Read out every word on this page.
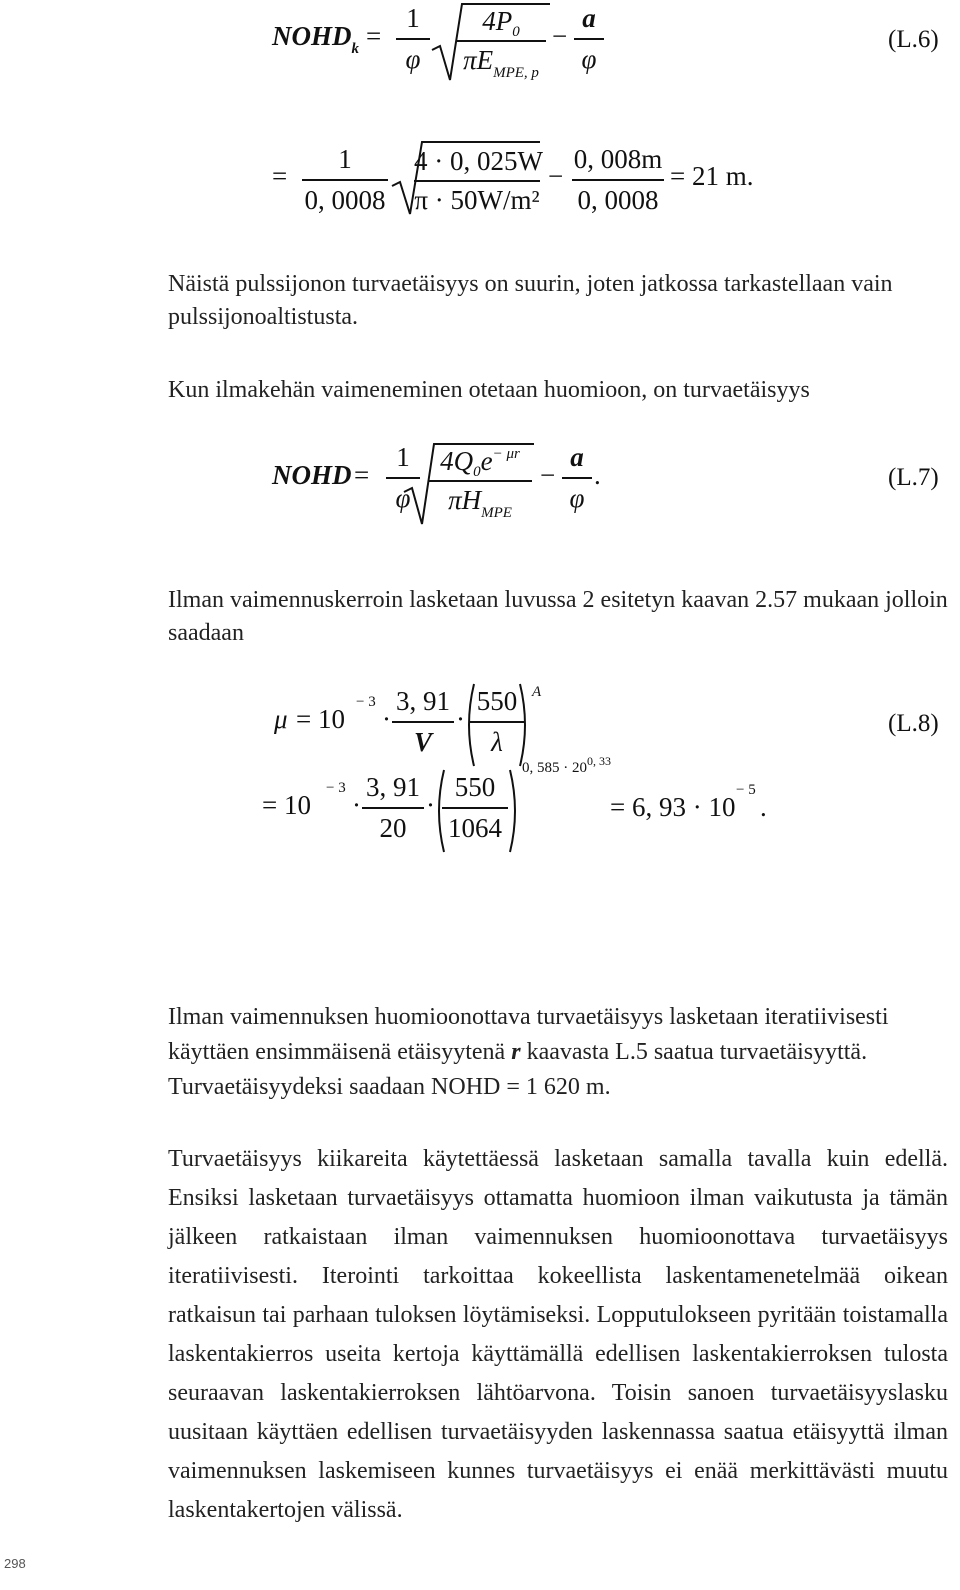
$NOHD_k$ =
1
φ
$4P_0$
$\pi E_{MPE, p}$
−
a
φ
(L.6)
=
1
0, 0008
4 · 0, 025W
π · 50W/m²
−
0, 008m
0, 0008
= 21 m.
Näistä pulssijonon turvaetäisyys on suurin, joten jatkossa tarkastellaan vain pulssijonoaltistusta.
Kun ilmakehän vaimeneminen otetaan huomioon, on turvaetäisyys
NOHD =
1
φ
$4Q_0e^{- \mu r}$
$\pi H_{MPE}$
−
a
φ
.	(L.7)
Ilman vaimennuskerroin lasketaan luvussa 2 esitetyn kaavan 2.57 mukaan jolloin saadaan
μ = 10
− 3
·
3, 91
V
·
550
λ
A
(L.8)
= 10
− 3
·
3, 91
20
·
550
1064
0, $585 \cdot 20^{0, 33}$
= 6, 93 · 10
− 5
.
Ilman vaimennuksen huomioonottava turvaetäisyys lasketaan iteratiivisesti käyttäen ensimmäisenä etäisyytenä r kaavasta L.5 saatua turvaetäisyyttä. Turvaetäisyydeksi saadaan NOHD = 1 620 m.
Turvaetäisyys kiikareita käytettäessä lasketaan samalla tavalla kuin edellä. Ensiksi lasketaan turvaetäisyys ottamatta huomioon ilman vaikutusta ja tämän jälkeen ratkaistaan ilman vaimennuksen huomioonottava turvaetäisyys iteratiivisesti. Iterointi tarkoittaa kokeellista laskentamenetelmää oikean ratkaisun tai parhaan tuloksen löytämiseksi. Lopputulokseen pyritään toistamalla laskentakierros useita kertoja käyttämällä edellisen laskentakierroksen tulosta seuraavan laskentakierroksen lähtöarvona. Toisin sanoen turvaetäisyyslasku uusitaan käyttäen edellisen turvaetäisyyden laskennassa saatua etäisyyttä ilman vaimennuksen laskemiseen kunnes turvaetäisyys ei enää merkittävästi muutu laskentakertojen välissä.
298
